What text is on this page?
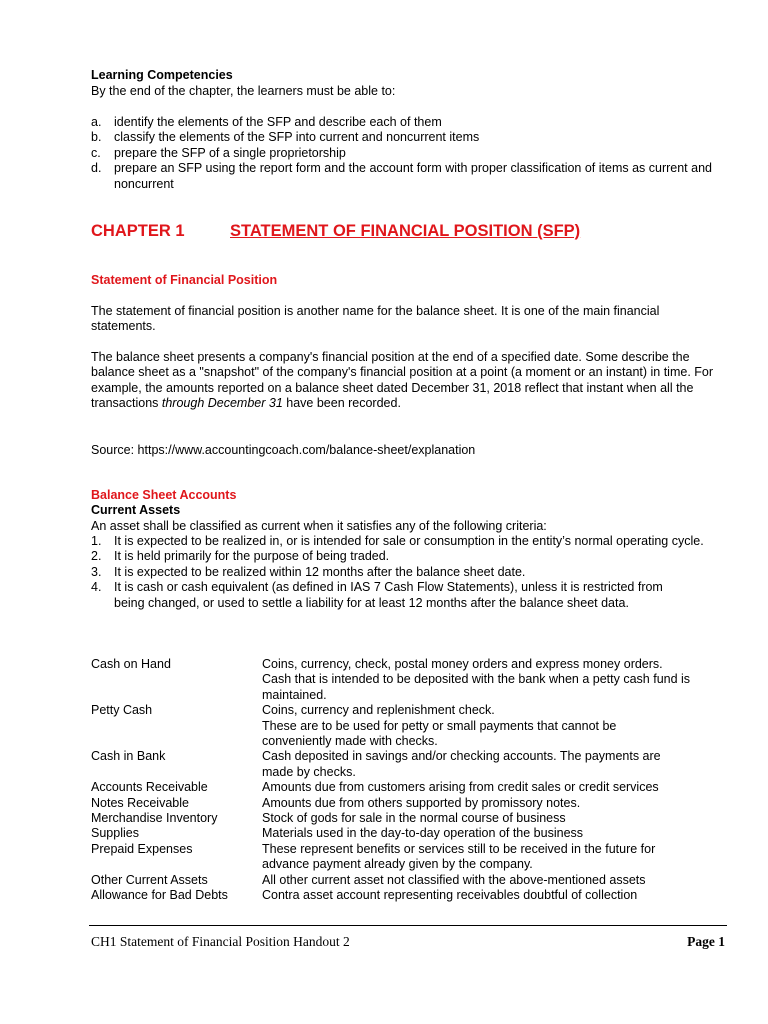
Learning Competencies
By the end of the chapter, the learners must be able to:
a. identify the elements of the SFP and describe each of them
b. classify the elements of the SFP into current and noncurrent items
c. prepare the SFP of a single proprietorship
d. prepare an SFP using the report form and the account form with proper classification of items as current and noncurrent
CHAPTER 1	STATEMENT OF FINANCIAL POSITION (SFP)
Statement of Financial Position
The statement of financial position is another name for the balance sheet. It is one of the main financial statements.
The balance sheet presents a company's financial position at the end of a specified date. Some describe the balance sheet as a "snapshot" of the company's financial position at a point (a moment or an instant) in time. For example, the amounts reported on a balance sheet dated December 31, 2018 reflect that instant when all the transactions through December 31 have been recorded.
Source: https://www.accountingcoach.com/balance-sheet/explanation
Balance Sheet Accounts
Current Assets
An asset shall be classified as current when it satisfies any of the following criteria:
1. It is expected to be realized in, or is intended for sale or consumption in the entity’s normal operating cycle.
2. It is held primarily for the purpose of being traded.
3. It is expected to be realized within 12 months after the balance sheet date.
4. It is cash or cash equivalent (as defined in IAS 7 Cash Flow Statements), unless it is restricted from being changed, or used to settle a liability for at least 12 months after the balance sheet data.
Cash on Hand	Coins, currency, check, postal money orders and express money orders. Cash that is intended to be deposited with the bank when a petty cash fund is maintained.
Petty Cash	Coins, currency and replenishment check.
These are to be used for petty or small payments that cannot be conveniently made with checks.
Cash in Bank	Cash deposited in savings and/or checking accounts. The payments are made by checks.
Accounts Receivable	Amounts due from customers arising from credit sales or credit services
Notes Receivable	Amounts due from others supported by promissory notes.
Merchandise Inventory	Stock of gods for sale in the normal course of business
Supplies	Materials used in the day-to-day operation of the business
Prepaid Expenses	These represent benefits or services still to be received in the future for advance payment already given by the company.
Other Current Assets	All other current asset not classified with the above-mentioned assets
Allowance for Bad Debts	Contra asset account representing receivables doubtful of collection
CH1 Statement of Financial Position Handout 2	Page 1
